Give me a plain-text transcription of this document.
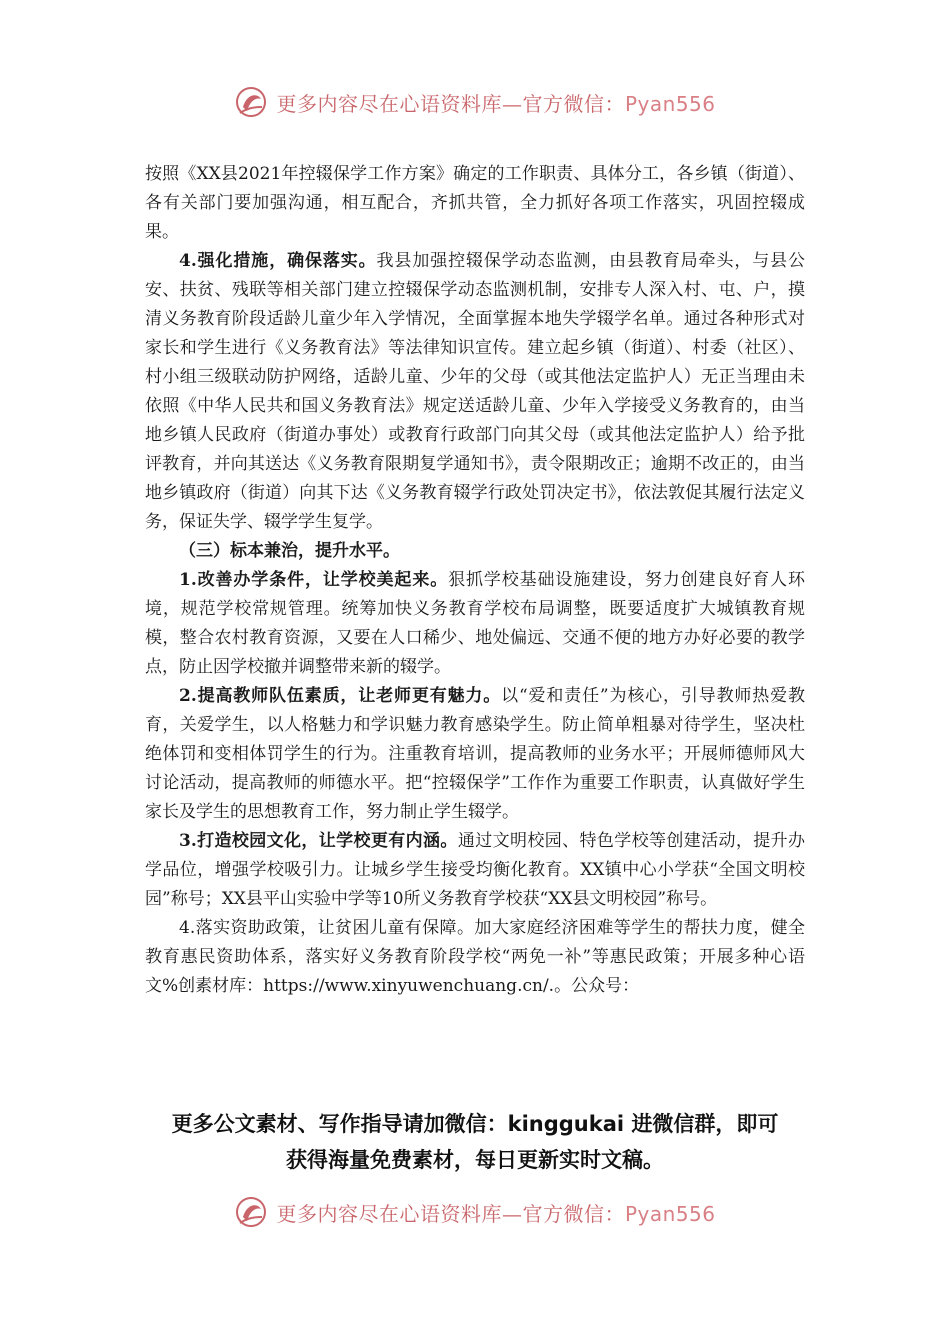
更多内容尽在心语资料库—官方微信：Pyan556

按照《XX县2021年控辍保学工作方案》确定的工作职责、具体分工，各乡镇（街道）、各有关部门要加强沟通，相互配合，齐抓共管，全力抓好各项工作落实，巩固控辍成果。

4.强化措施，确保落实。我县加强控辍保学动态监测，由县教育局牵头，与县公安、扶贫、残联等相关部门建立控辍保学动态监测机制，安排专人深入村、屯、户，摸清义务教育阶段适龄儿童少年入学情况，全面掌握本地失学辍学名单。通过各种形式对家长和学生进行《义务教育法》等法律知识宣传。建立起乡镇（街道）、村委（社区）、村小组三级联动防护网络，适龄儿童、少年的父母（或其他法定监护人）无正当理由未依照《中华人民共和国义务教育法》规定送适龄儿童、少年入学接受义务教育的，由当地乡镇人民政府（街道办事处）或教育行政部门向其父母（或其他法定监护人）给予批评教育，并向其送达《义务教育限期复学通知书》，责令限期改正；逾期不改正的，由当地乡镇政府（街道）向其下达《义务教育辍学行政处罚决定书》，依法敦促其履行法定义务，保证失学、辍学学生复学。

（三）标本兼治，提升水平。

1.改善办学条件，让学校美起来。狠抓学校基础设施建设，努力创建良好育人环境，规范学校常规管理。统筹加快义务教育学校布局调整，既要适度扩大城镇教育规模，整合农村教育资源，又要在人口稀少、地处偏远、交通不便的地方办好必要的教学点，防止因学校撤并调整带来新的辍学。

2.提高教师队伍素质，让老师更有魅力。以“爱和责任”为核心，引导教师热爱教育，关爱学生，以人格魅力和学识魅力教育感染学生。防止简单粗暴对待学生，坚决杜绝体罚和变相体罚学生的行为。注重教育培训，提高教师的业务水平；开展师德师风大讨论活动，提高教师的师德水平。把“控辍保学”工作作为重要工作职责，认真做好学生家长及学生的思想教育工作，努力制止学生辍学。

3.打造校园文化，让学校更有内涵。通过文明校园、特色学校等创建活动，提升办学品位，增强学校吸引力。让城乡学生接受均衡化教育。XX镇中心小学获“全国文明校园”称号；XX县平山实验中学等10所义务教育学校获“XX县文明校园”称号。

4.落实资助政策，让贫困儿童有保障。加大家庭经济困难等学生的帮扶力度，健全教育惠民资助体系，落实好义务教育阶段学校“两免一补”等惠民政策；开展多种心语文%创素材库：https://www.xinyuwenchuang.cn/.。公众号：

更多公文素材、写作指导请加微信：kinggukai 进微信群，即可
获得海量免费素材，每日更新实时文稿。
更多内容尽在心语资料库—官方微信：Pyan556
